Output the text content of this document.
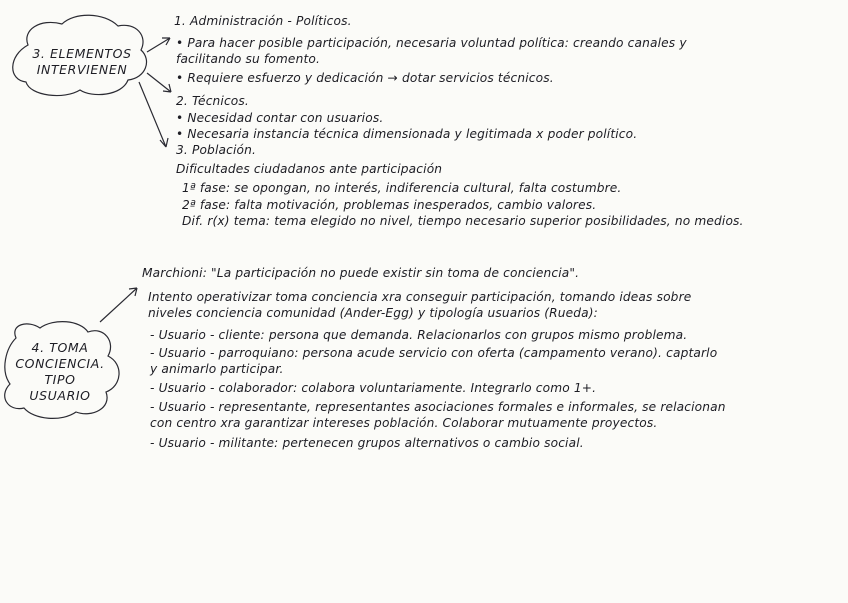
3. ELEMENTOS
INTERVIENEN
4. TOMA
CONCIENCIA.
TIPO
USUARIO
1. Administración - Políticos.
• Para hacer posible participación, necesaria voluntad política: creando canales y
facilitando su fomento.
• Requiere esfuerzo y dedicación → dotar servicios técnicos.
2. Técnicos.
• Necesidad contar con usuarios.
• Necesaria instancia técnica dimensionada y legitimada x poder político.
3. Población.
Dificultades ciudadanos ante participación
1ª fase: se opongan, no interés, indiferencia cultural, falta costumbre.
2ª fase: falta motivación, problemas inesperados, cambio valores.
Dif. r(x) tema: tema elegido no nivel, tiempo necesario superior posibilidades, no medios.
Marchioni: "La participación no puede existir sin toma de conciencia".
Intento operativizar toma conciencia xra conseguir participación, tomando ideas sobre
niveles conciencia comunidad (Ander-Egg) y tipología usuarios (Rueda):
- Usuario - cliente: persona que demanda. Relacionarlos con grupos mismo problema.
- Usuario - parroquiano: persona acude servicio con oferta (campamento verano). captarlo
y animarlo participar.
- Usuario - colaborador: colabora voluntariamente. Integrarlo como 1+.
- Usuario - representante, representantes asociaciones formales e informales, se relacionan
con centro xra garantizar intereses población. Colaborar mutuamente proyectos.
- Usuario - militante: pertenecen grupos alternativos o cambio social.
